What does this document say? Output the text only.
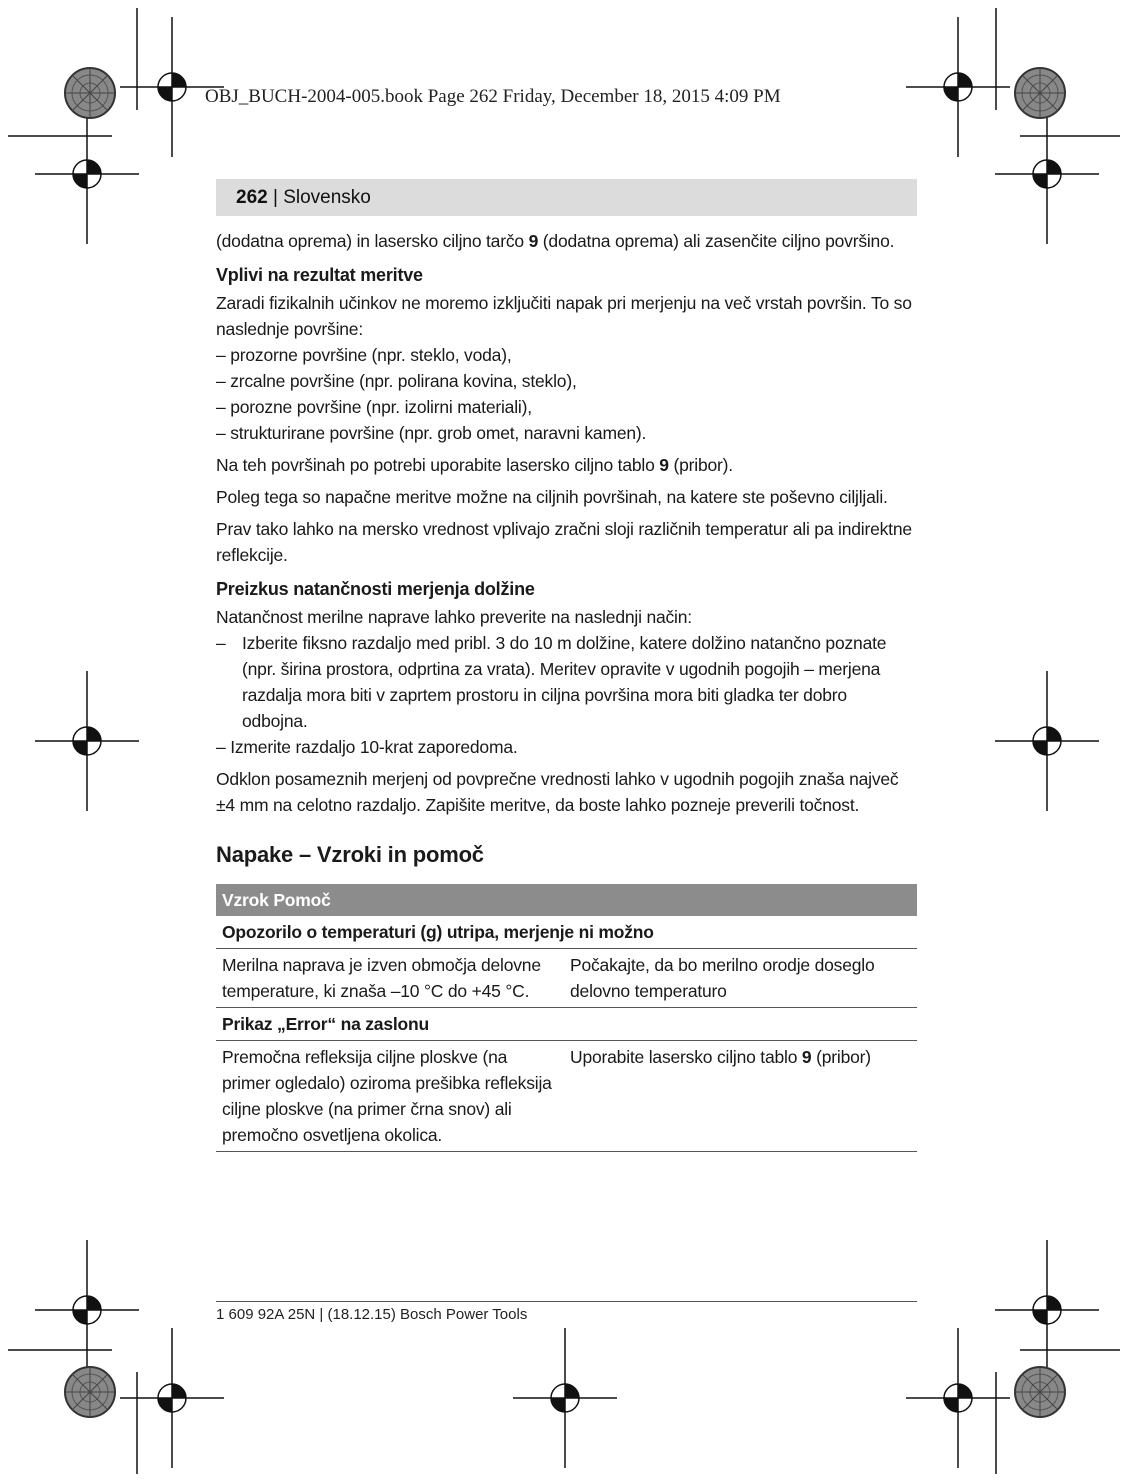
OBJ_BUCH-2004-005.book Page 262 Friday, December 18, 2015 4:09 PM
262 | Slovensko

(dodatna oprema) in lasersko ciljno tarčo 9 (dodatna oprema) ali zasenčite ciljno površino.

Vplivi na rezultat meritve

Zaradi fizikalnih učinkov ne moremo izključiti napak pri merjenju na več vrstah površin. To so naslednje površine:

– prozorne površine (npr. steklo, voda),
– zrcalne površine (npr. polirana kovina, steklo),
– porozne površine (npr. izolirni materiali),
– strukturirane površine (npr. grob omet, naravni kamen).

Na teh površinah po potrebi uporabite lasersko ciljno tablo 9 (pribor).

Poleg tega so napačne meritve možne na ciljnih površinah, na katere ste poševno ciljljali.

Prav tako lahko na mersko vrednost vplivajo zračni sloji različnih temperatur ali pa indirektne reflekcije.

Preizkus natančnosti merjenja dolžine

Natančnost merilne naprave lahko preverite na naslednji način:

– Izberite fiksno razdaljo med pribl. 3 do 10 m dolžine, katere dolžino natančno poznate (npr. širina prostora, odprtina za vrata). Meritev opravite v ugodnih pogojih – merjena razdalja mora biti v zaprtem prostoru in ciljna površina mora biti gladka ter dobro odbojna.
– Izmerite razdaljo 10-krat zaporedoma.

Odklon posameznih merjenj od povprečne vrednosti lahko v ugodnih pogojih znaša največ ±4 mm na celotno razdaljo. Zapišite meritve, da boste lahko pozneje preverili točnost.

Napake – Vzroki in pomoč
Vzrok Pomoč	
Opozorilo o temperaturi (g) utripa, merjenje ni možno	
Merilna naprava je izven območja delovne temperature, ki znaša –10 °C do +45 °C.	Počakajte, da bo merilno orodje doseglo delovno temperaturo
Prikaz „Error“ na zaslonu	
Premočna refleksija ciljne ploskve (na primer ogledalo) oziroma prešibka refleksija ciljne ploskve (na primer črna snov) ali premočno osvetljena okolica.	Uporabite lasersko ciljno tablo 9 (pribor)
1 609 92A 25N | (18.12.15) Bosch Power Tools
